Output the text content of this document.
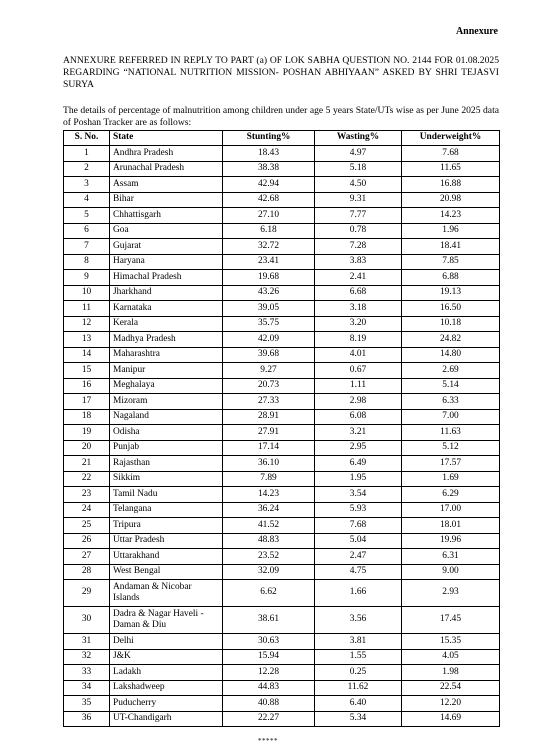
Annexure
ANNEXURE REFERRED IN REPLY TO PART (a) OF LOK SABHA QUESTION NO. 2144 FOR 01.08.2025 REGARDING “NATIONAL NUTRITION MISSION- POSHAN ABHIYAAN” ASKED BY SHRI TEJASVI SURYA
The details of percentage of malnutrition among children under age 5 years State/UTs wise as per June 2025 data of Poshan Tracker are as follows:
S. No.	State	Stunting%	Wasting%	Underweight%
1	Andhra Pradesh	18.43	4.97	7.68
2	Arunachal Pradesh	38.38	5.18	11.65
3	Assam	42.94	4.50	16.88
4	Bihar	42.68	9.31	20.98
5	Chhattisgarh	27.10	7.77	14.23
6	Goa	6.18	0.78	1.96
7	Gujarat	32.72	7.28	18.41
8	Haryana	23.41	3.83	7.85
9	Himachal Pradesh	19.68	2.41	6.88
10	Jharkhand	43.26	6.68	19.13
11	Karnataka	39.05	3.18	16.50
12	Kerala	35.75	3.20	10.18
13	Madhya Pradesh	42.09	8.19	24.82
14	Maharashtra	39.68	4.01	14.80
15	Manipur	9.27	0.67	2.69
16	Meghalaya	20.73	1.11	5.14
17	Mizoram	27.33	2.98	6.33
18	Nagaland	28.91	6.08	7.00
19	Odisha	27.91	3.21	11.63
20	Punjab	17.14	2.95	5.12
21	Rajasthan	36.10	6.49	17.57
22	Sikkim	7.89	1.95	1.69
23	Tamil Nadu	14.23	3.54	6.29
24	Telangana	36.24	5.93	17.00
25	Tripura	41.52	7.68	18.01
26	Uttar Pradesh	48.83	5.04	19.96
27	Uttarakhand	23.52	2.47	6.31
28	West Bengal	32.09	4.75	9.00
29	Andaman & Nicobar Islands	6.62	1.66	2.93
30	Dadra & Nagar Haveli - Daman & Diu	38.61	3.56	17.45
31	Delhi	30.63	3.81	15.35
32	J&K	15.94	1.55	4.05
33	Ladakh	12.28	0.25	1.98
34	Lakshadweep	44.83	11.62	22.54
35	Puducherry	40.88	6.40	12.20
36	UT-Chandigarh	22.27	5.34	14.69
*****
